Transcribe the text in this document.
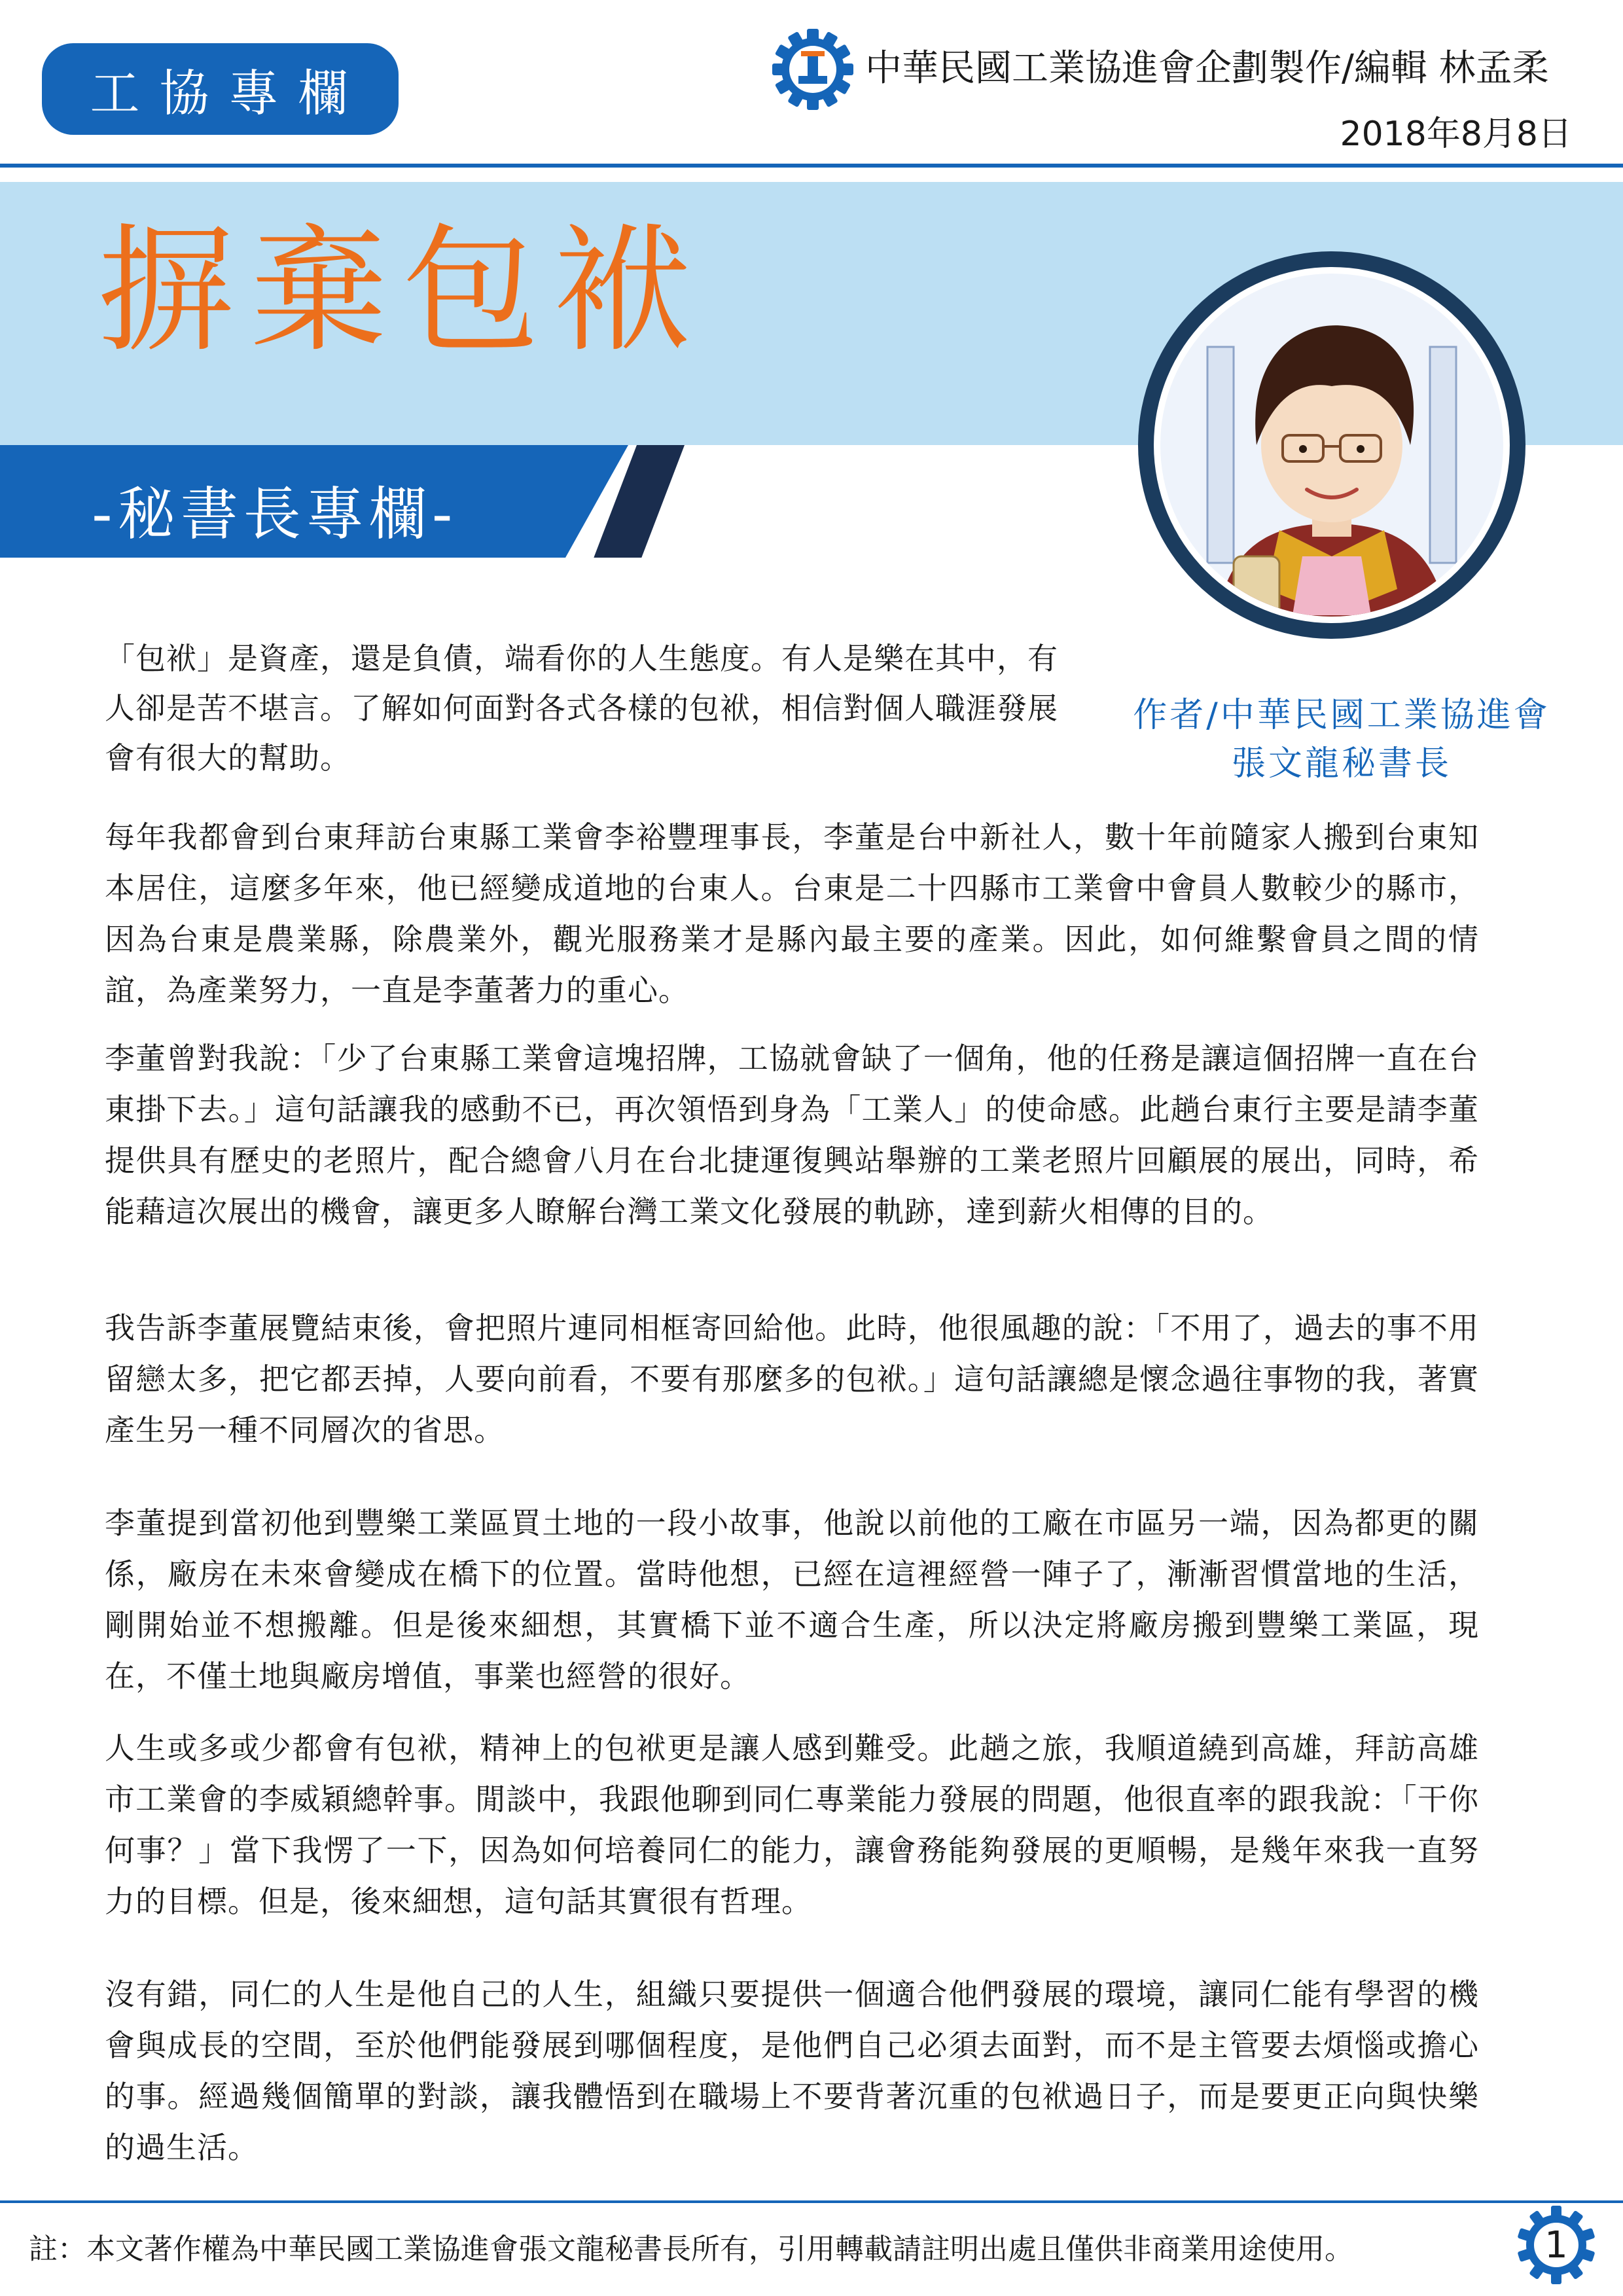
工協專欄	中華民國工業協進會企劃製作/編輯 林孟柔
2018年8月8日
摒棄包袱
-秘書長專欄-
作者/中華民國工業協進會
張文龍秘書長
「包袱」是資產，還是負債，端看你的人生態度。有人是樂在其中，有人卻是苦不堪言。了解如何面對各式各樣的包袱，相信對個人職涯發展會有很大的幫助。
每年我都會到台東拜訪台東縣工業會李裕豐理事長，李董是台中新社人，數十年前隨家人搬到台東知本居住，這麼多年來，他已經變成道地的台東人。台東是二十四縣市工業會中會員人數較少的縣市，因為台東是農業縣，除農業外，觀光服務業才是縣內最主要的產業。因此，如何維繫會員之間的情誼，為產業努力，一直是李董著力的重心。
李董曾對我說：「少了台東縣工業會這塊招牌，工協就會缺了一個角，他的任務是讓這個招牌一直在台東掛下去。」這句話讓我的感動不已，再次領悟到身為「工業人」的使命感。此趟台東行主要是請李董提供具有歷史的老照片，配合總會八月在台北捷運復興站舉辦的工業老照片回顧展的展出，同時，希能藉這次展出的機會，讓更多人瞭解台灣工業文化發展的軌跡，達到薪火相傳的目的。
我告訴李董展覽結束後，會把照片連同相框寄回給他。此時，他很風趣的說：「不用了，過去的事不用留戀太多，把它都丟掉，人要向前看，不要有那麼多的包袱。」這句話讓總是懷念過往事物的我，著實產生另一種不同層次的省思。
李董提到當初他到豐樂工業區買土地的一段小故事，他說以前他的工廠在市區另一端，因為都更的關係，廠房在未來會變成在橋下的位置。當時他想，已經在這裡經營一陣子了，漸漸習慣當地的生活，剛開始並不想搬離。但是後來細想，其實橋下並不適合生產，所以決定將廠房搬到豐樂工業區，現在，不僅土地與廠房增值，事業也經營的很好。
人生或多或少都會有包袱，精神上的包袱更是讓人感到難受。此趟之旅，我順道繞到高雄，拜訪高雄市工業會的李威穎總幹事。閒談中，我跟他聊到同仁專業能力發展的問題，他很直率的跟我說：「干你何事？」當下我愣了一下，因為如何培養同仁的能力，讓會務能夠發展的更順暢，是幾年來我一直努力的目標。但是，後來細想，這句話其實很有哲理。
沒有錯，同仁的人生是他自己的人生，組織只要提供一個適合他們發展的環境，讓同仁能有學習的機會與成長的空間，至於他們能發展到哪個程度，是他們自己必須去面對，而不是主管要去煩惱或擔心的事。經過幾個簡單的對談，讓我體悟到在職場上不要背著沉重的包袱過日子，而是要更正向與快樂的過生活。
註：本文著作權為中華民國工業協進會張文龍秘書長所有，引用轉載請註明出處且僅供非商業用途使用。	1
